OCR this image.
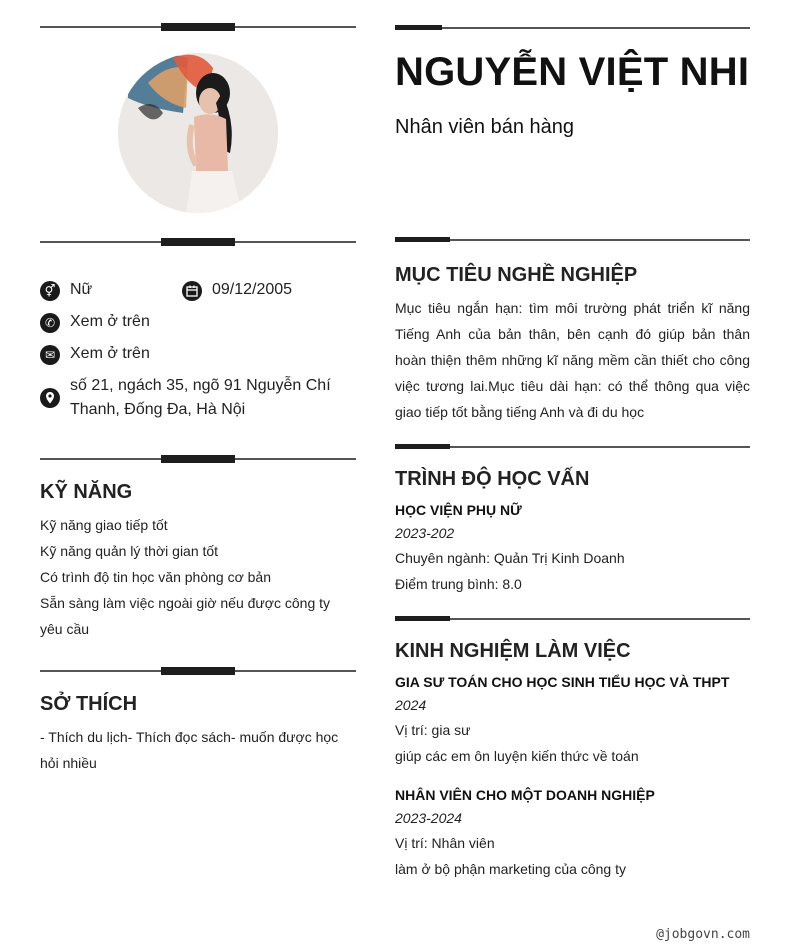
⚥ Nữ	09/12/2005
✆ Xem ở trên
✉ Xem ở trên
số 21, ngách 35, ngõ 91 Nguyễn Chí Thanh, Đống Đa, Hà Nội
KỸ NĂNG
Kỹ năng giao tiếp tốt
Kỹ năng quản lý thời gian tốt
Có trình độ tin học văn phòng cơ bản
Sẵn sàng làm việc ngoài giờ nếu được công ty yêu cầu
SỞ THÍCH
- Thích du lịch- Thích đọc sách- muốn được học hỏi nhiều
NGUYỄN VIỆT NHI
Nhân viên bán hàng
MỤC TIÊU NGHỀ NGHIỆP
Mục tiêu ngắn hạn: tìm môi trường phát triển kĩ năng Tiếng Anh của bản thân, bên cạnh đó giúp bản thân hoàn thiện thêm những kĩ năng mềm cần thiết cho công việc tương lai.Mục tiêu dài hạn: có thể thông qua việc giao tiếp tốt bằng tiếng Anh và đi du học
TRÌNH ĐỘ HỌC VẤN
HỌC VIỆN PHỤ NỮ
2023-202
Chuyên ngành: Quản Trị Kinh Doanh
Điểm trung bình: 8.0
KINH NGHIỆM LÀM VIỆC
GIA SƯ TOÁN CHO HỌC SINH TIỂU HỌC VÀ THPT
2024
Vị trí: gia sư
giúp các em ôn luyện kiến thức về toán
NHÂN VIÊN CHO MỘT DOANH NGHIỆP
2023-2024
Vị trí: Nhân viên
làm ở bộ phận marketing của công ty
@jobgovn.com
